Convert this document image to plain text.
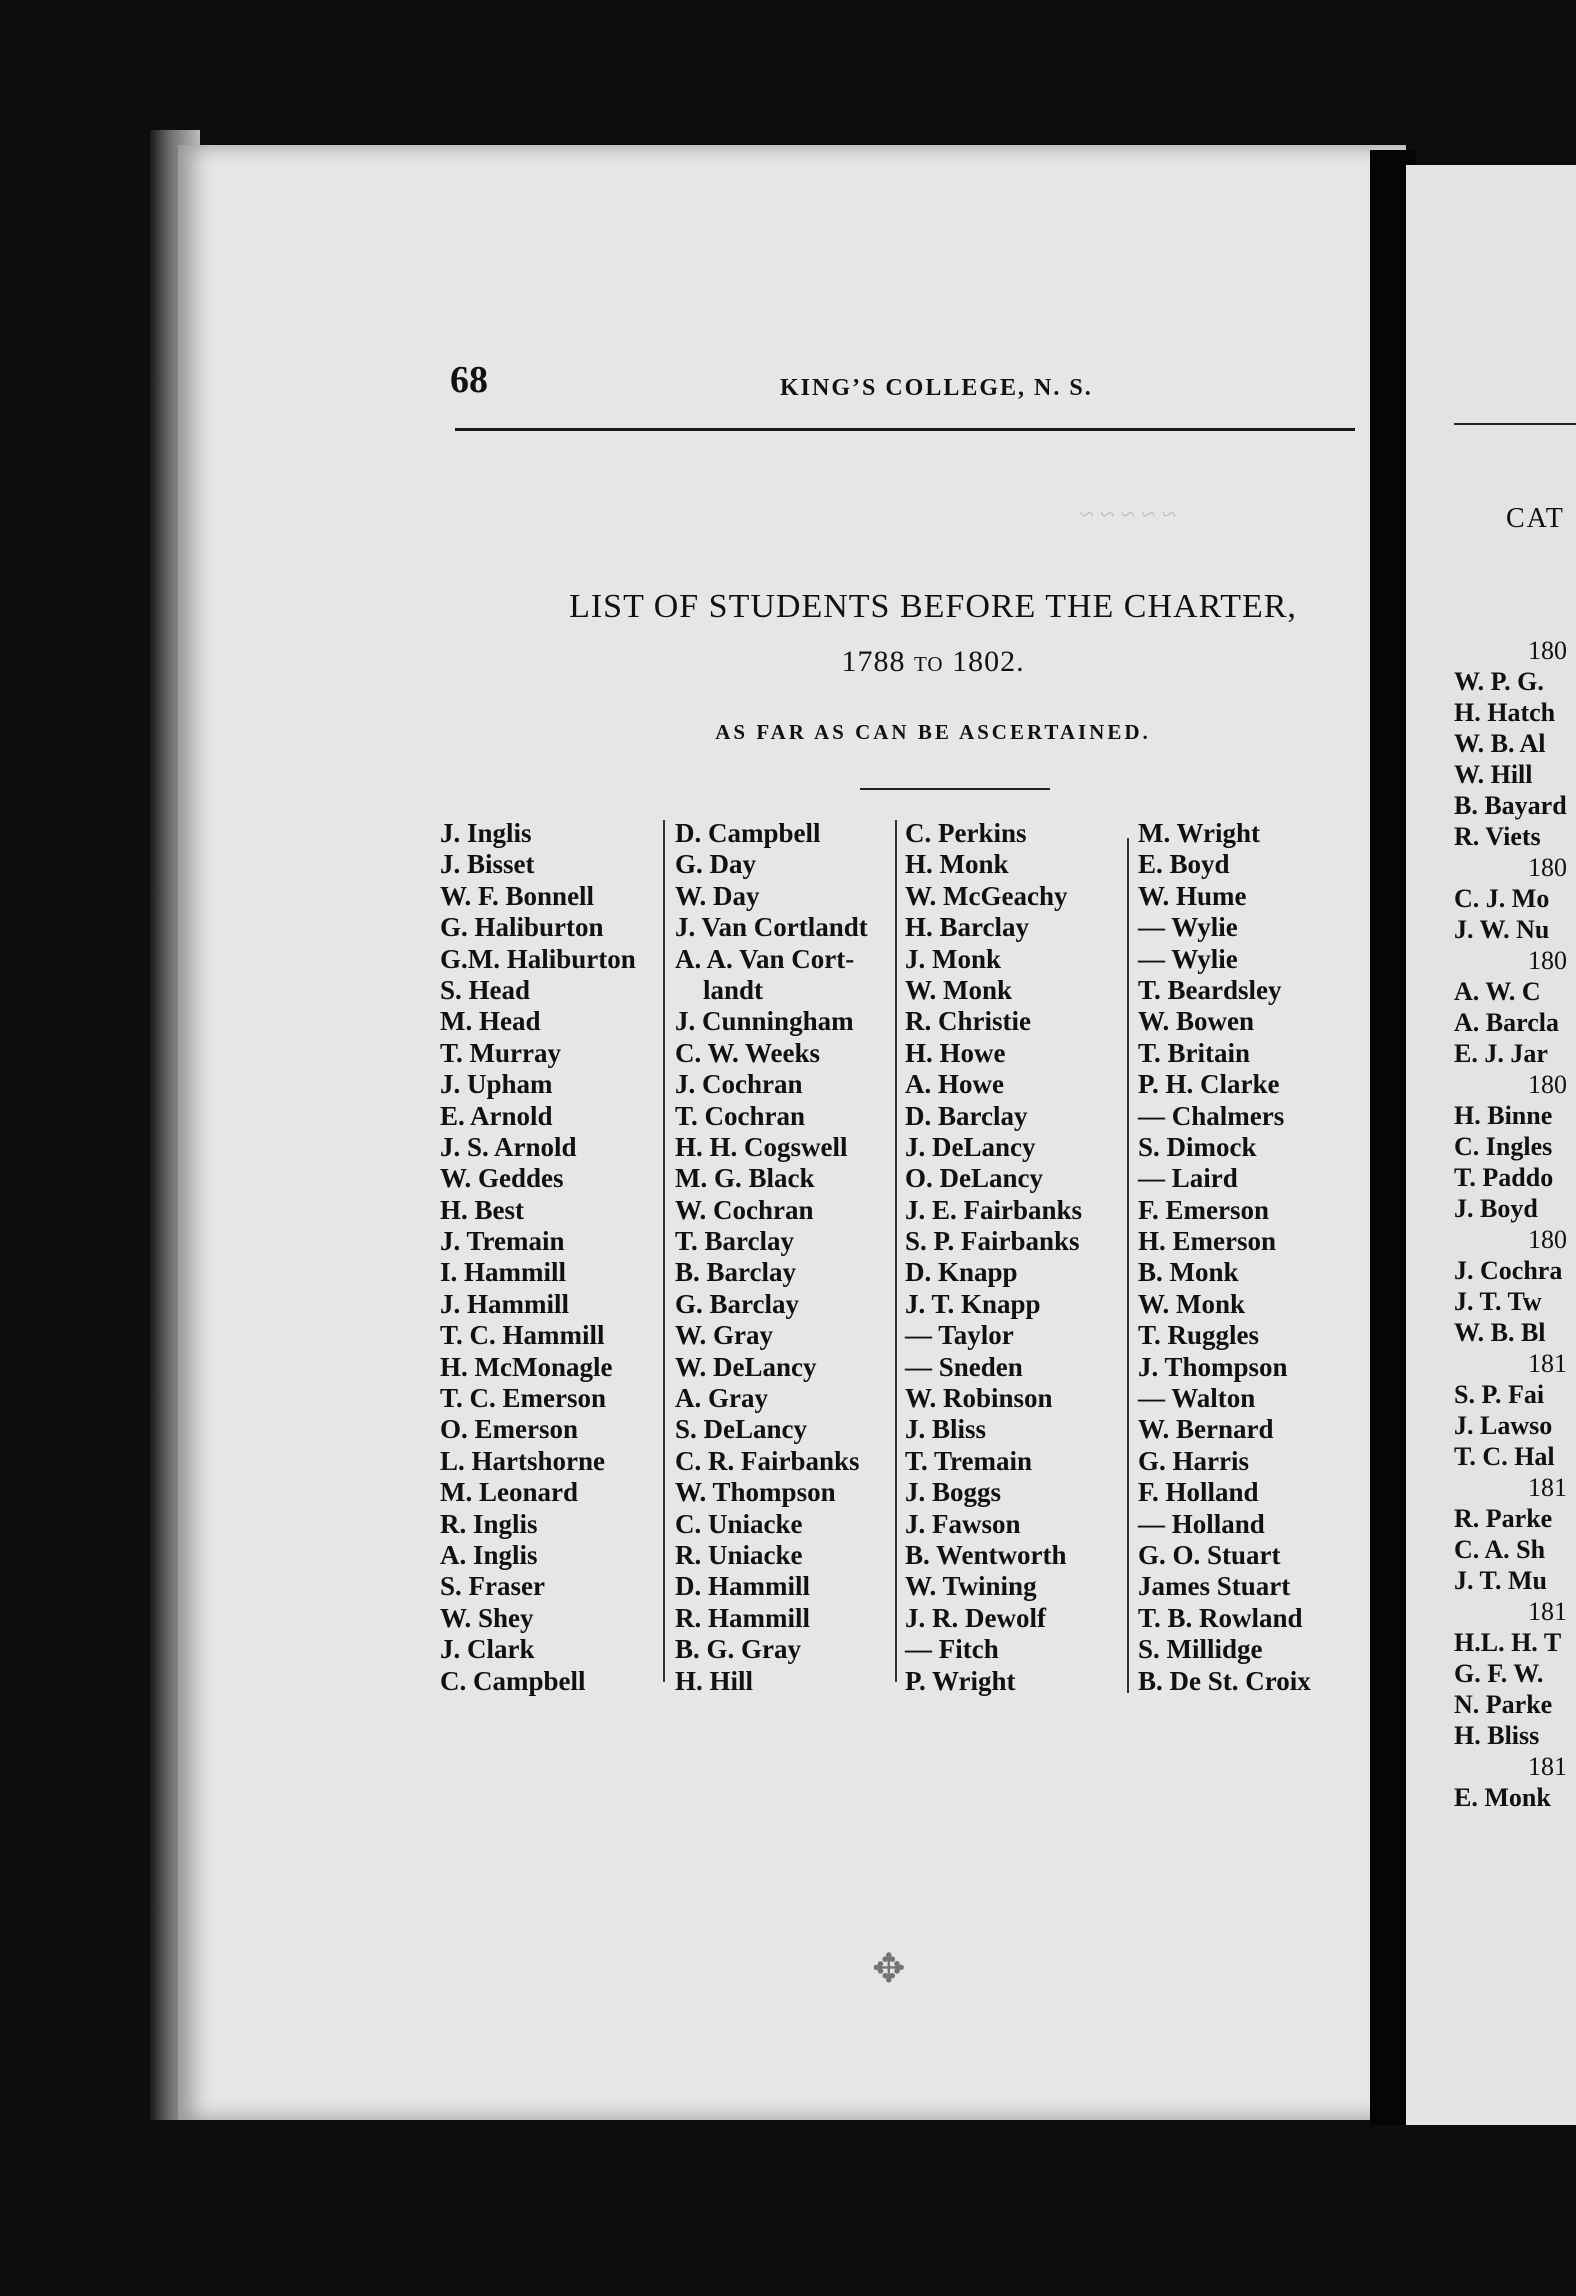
~ ~ ~ ~ ~
68	KING’S COLLEGE, N. S.
LIST OF STUDENTS BEFORE THE CHARTER,
1788 to 1802.
AS FAR AS CAN BE ASCERTAINED.
J. Inglis
J. Bisset
W. F. Bonnell
G. Haliburton
G.M. Haliburton
S. Head
M. Head
T. Murray
J. Upham
E. Arnold
J. S. Arnold
W. Geddes
H. Best
J. Tremain
I. Hammill
J. Hammill
T. C. Hammill
H. McMonagle
T. C. Emerson
O. Emerson
L. Hartshorne
M. Leonard
R. Inglis
A. Inglis
S. Fraser
W. Shey
J. Clark
C. Campbell
D. Campbell
G. Day
W. Day
J. Van Cortlandt
A. A. Van Cort-
landt
J. Cunningham
C. W. Weeks
J. Cochran
T. Cochran
H. H. Cogswell
M. G. Black
W. Cochran
T. Barclay
B. Barclay
G. Barclay
W. Gray
W. DeLancy
A. Gray
S. DeLancy
C. R. Fairbanks
W. Thompson
C. Uniacke
R. Uniacke
D. Hammill
R. Hammill
B. G. Gray
H. Hill
C. Perkins
H. Monk
W. McGeachy
H. Barclay
J. Monk
W. Monk
R. Christie
H. Howe
A. Howe
D. Barclay
J. DeLancy
O. DeLancy
J. E. Fairbanks
S. P. Fairbanks
D. Knapp
J. T. Knapp
— Taylor
— Sneden
W. Robinson
J. Bliss
T. Tremain
J. Boggs
J. Fawson
B. Wentworth
W. Twining
J. R. Dewolf
— Fitch
P. Wright
M. Wright
E. Boyd
W. Hume
— Wylie
— Wylie
T. Beardsley
W. Bowen
T. Britain
P. H. Clarke
— Chalmers
S. Dimock
— Laird
F. Emerson
H. Emerson
B. Monk
W. Monk
T. Ruggles
J. Thompson
— Walton
W. Bernard
G. Harris
F. Holland
— Holland
G. O. Stuart
James Stuart
T. B. Rowland
S. Millidge
B. De St. Croix
✥
CAT
180
W. P. G.
H. Hatch
W. B. Al
W. Hill
B. Bayard
R. Viets
180
C. J. Mo
J. W. Nu
180
A. W. C
A. Barcla
E. J. Jar
180
H. Binne
C. Ingles
T. Paddo
J. Boyd
180
J. Cochra
J. T. Tw
W. B. Bl
181
S. P. Fai
J. Lawso
T. C. Hal
181
R. Parke
C. A. Sh
J. T. Mu
181
H.L. H. T
G. F. W.
N. Parke
H. Bliss
181
E. Monk
